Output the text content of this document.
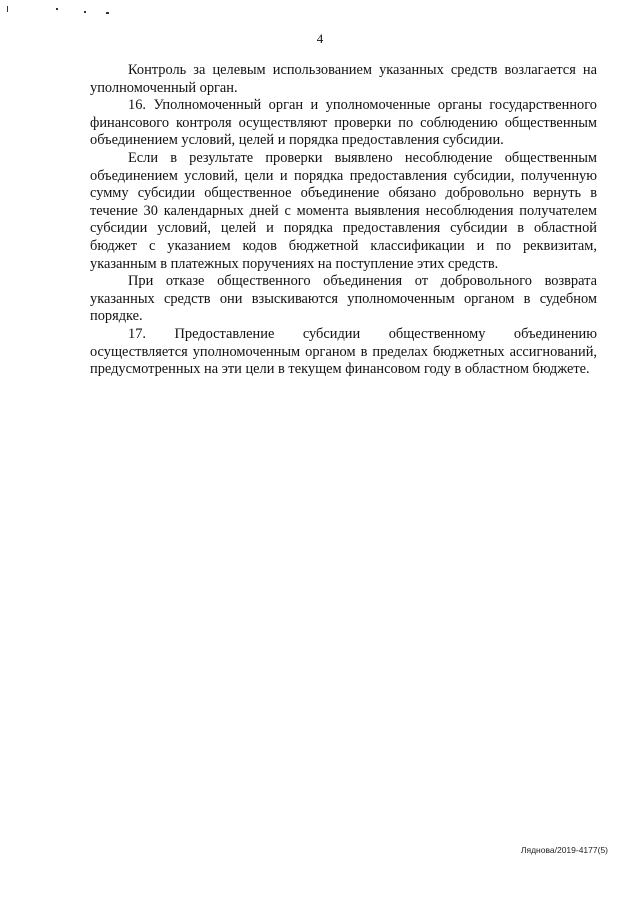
4

Контроль за целевым использованием указанных средств возлагается на уполномоченный орган.

16. Уполномоченный орган и уполномоченные органы государственного финансового контроля осуществляют проверки по соблюдению общественным объединением условий, целей и порядка предоставления субсидии.

Если в результате проверки выявлено несоблюдение общественным объединением условий, цели и порядка предоставления субсидии, полученную сумму субсидии общественное объединение обязано добровольно вернуть в течение 30 календарных дней с момента выявления несоблюдения получателем субсидии условий, целей и порядка предоставления субсидии в областной бюджет с указанием кодов бюджетной классификации и по реквизитам, указанным в платежных поручениях на поступление этих средств.

При отказе общественного объединения от добровольного возврата указанных средств они взыскиваются уполномоченным органом в судебном порядке.

17. Предоставление субсидии общественному объединению осуществляется уполномоченным органом в пределах бюджетных ассигнований, предусмотренных на эти цели в текущем финансовом году в областном бюджете.

Ляднова/2019-4177(5)
